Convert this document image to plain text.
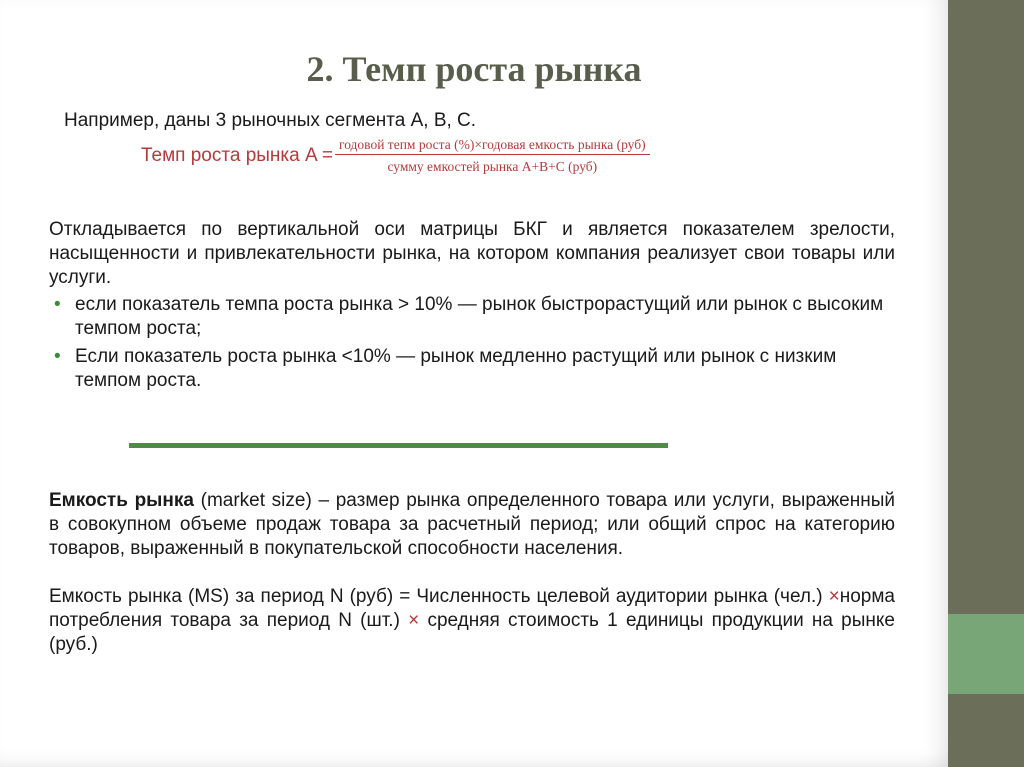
2. Темп роста рынка
Например, даны 3 рыночных сегмента A, B, C.
Темп роста рынка $A = \frac{\text{годовой тепм роста (\%)×годовая емкость рынка (руб)}}{\text{сумму емкостей рынка A+B+C (руб)}}$
Откладывается по вертикальной оси матрицы БКГ и является показателем зрелости, насыщенности и привлекательности рынка, на котором компания реализует свои товары или услуги.
• если показатель темпа роста рынка > 10% — рынок быстрорастущий или рынок с высоким темпом роста;
• Если показатель роста рынка <10% — рынок медленно растущий или рынок с низким темпом роста.
Емкость рынка (market size) – размер рынка определенного товара или услуги, выраженный в совокупном объеме продаж товара за расчетный период; или общий спрос на категорию товаров, выраженный в покупательской способности населения.
Емкость рынка (MS) за период N (руб) = Численность целевой аудитории рынка (чел.) ×норма потребления товара за период N (шт.) × средняя стоимость 1 единицы продукции на рынке (руб.)
